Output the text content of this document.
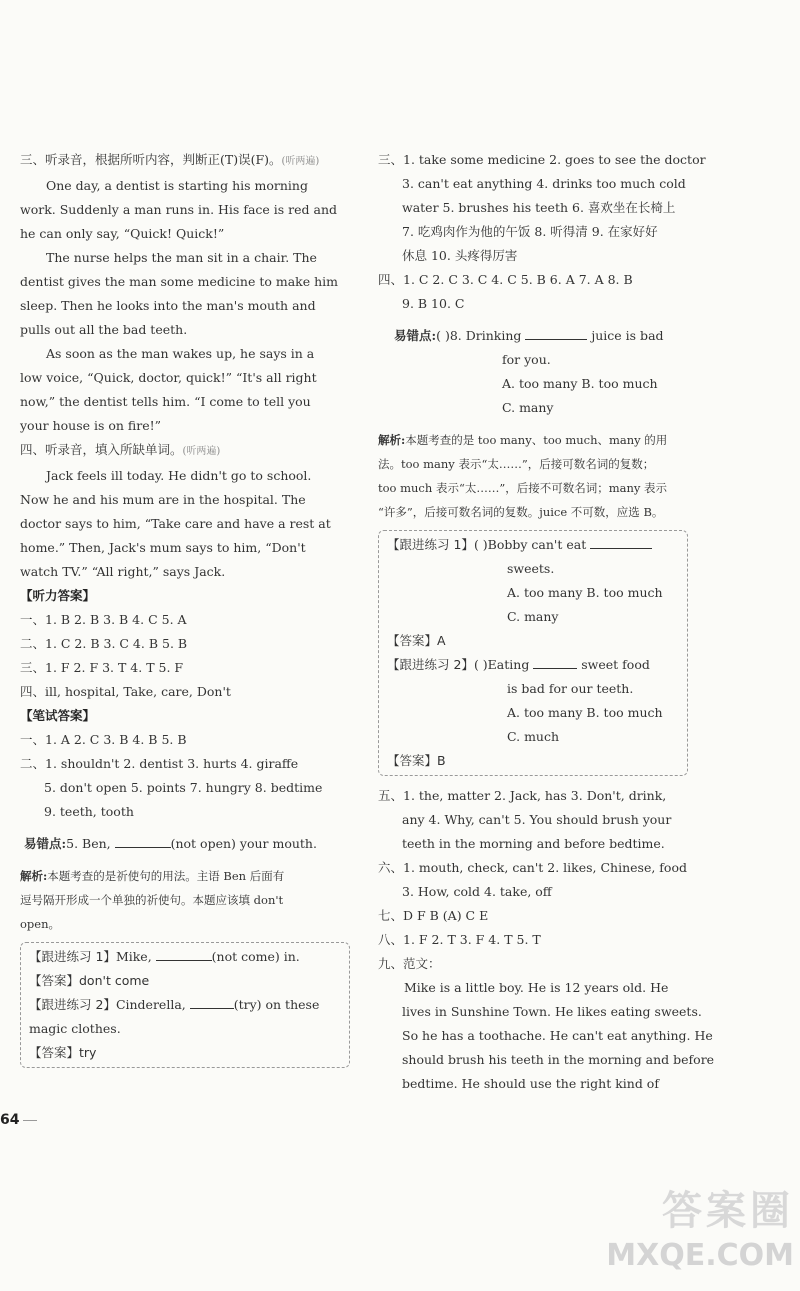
三、听录音，根据所听内容，判断正(T)误(F)。(听两遍)
One day, a dentist is starting his morning
work. Suddenly a man runs in. His face is red and
he can only say, “Quick! Quick!”
The nurse helps the man sit in a chair. The
dentist gives the man some medicine to make him
sleep. Then he looks into the man's mouth and
pulls out all the bad teeth.
As soon as the man wakes up, he says in a
low voice, “Quick, doctor, quick!” “It's all right
now,” the dentist tells him. “I come to tell you
your house is on fire!”
四、听录音，填入所缺单词。(听两遍)
Jack feels ill today. He didn't go to school.
Now he and his mum are in the hospital. The
doctor says to him, “Take care and have a rest at
home.” Then, Jack's mum says to him, “Don't
watch TV.” “All right,” says Jack.
【听力答案】
一、1. B 2. B 3. B 4. C 5. A
二、1. C 2. B 3. C 4. B 5. B
三、1. F 2. F 3. T 4. T 5. F
四、ill, hospital, Take, care, Don't
【笔试答案】
一、1. A 2. C 3. B 4. B 5. B
二、1. shouldn't 2. dentist 3. hurts 4. giraffe
5. don't open 5. points 7. hungry 8. bedtime
9. teeth, tooth
易错点:5. Ben,	(not open) your mouth.
解析:本题考查的是祈使句的用法。主语 Ben 后面有
逗号隔开形成一个单独的祈使句。本题应该填 don't
open。
【跟进练习 1】Mike,	(not come) in.
【答案】don't come
【跟进练习 2】Cinderella,	(try) on these
magic clothes.
【答案】try
三、1. take some medicine 2. goes to see the doctor
3. can't eat anything 4. drinks too much cold
water 5. brushes his teeth 6. 喜欢坐在长椅上
7. 吃鸡肉作为他的午饭 8. 听得清 9. 在家好好
休息 10. 头疼得厉害
四、1. C 2. C 3. C 4. C 5. B 6. A 7. A 8. B
9. B 10. C
易错点:( )8. Drinking	juice is bad
for you.
A. too many B. too much
C. many
解析:本题考查的是 too many、too much、many 的用
法。too many 表示“太……”，后接可数名词的复数；
too much 表示“太……”，后接不可数名词；many 表示
“许多”，后接可数名词的复数。juice 不可数，应选 B。
【跟进练习 1】( )Bobby can't eat
sweets.
A. too many B. too much
C. many
【答案】A
【跟进练习 2】( )Eating	sweet food
is bad for our teeth.
A. too many B. too much
C. much
【答案】B
五、1. the, matter 2. Jack, has 3. Don't, drink,
any 4. Why, can't 5. You should brush your
teeth in the morning and before bedtime.
六、1. mouth, check, can't 2. likes, Chinese, food
3. How, cold 4. take, off
七、D F B (A) C E
八、1. F 2. T 3. F 4. T 5. T
九、范文：
Mike is a little boy. He is 12 years old. He
lives in Sunshine Town. He likes eating sweets.
So he has a toothache. He can't eat anything. He
should brush his teeth in the morning and before
bedtime. He should use the right kind of
64
答案圈
MXQE.COM
